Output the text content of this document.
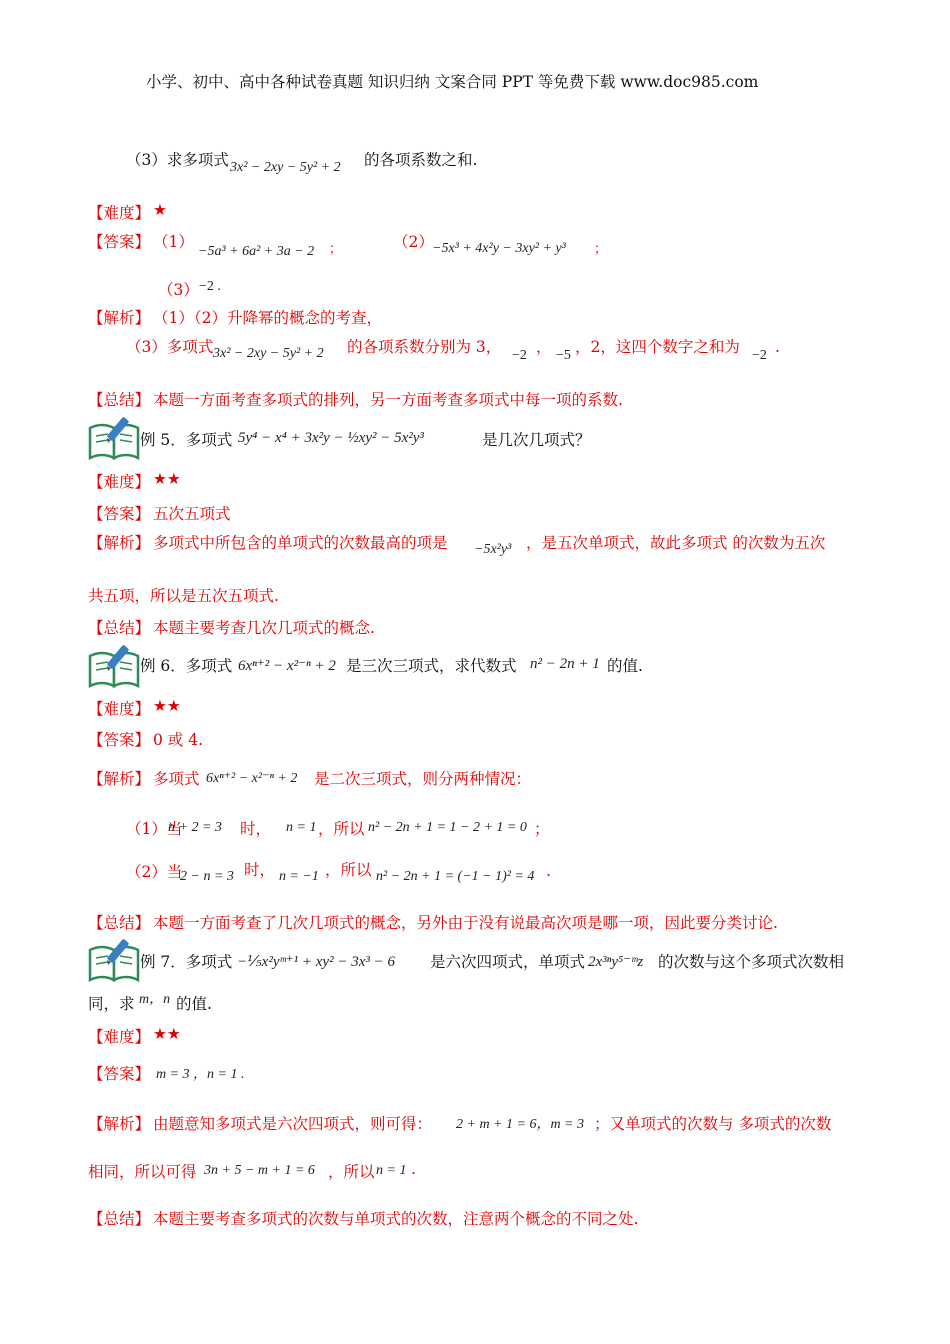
小学、初中、高中各种试卷真题 知识归纳 文案合同 PPT 等免费下载 www.doc985.com
（3）求多项式 3x² − 2xy − 5y² + 2 的各项系数之和.
【难度】 ★
【答案】 （1）
−5a³ + 6a² + 3a − 2 ；	（2）
−5x³ + 4x²y − 3xy² + y³ ；
（3） −2 .
【解析】 （1）（2）升降幂的概念的考查，
（3）多项式 3x² − 2xy − 5y² + 2 的各项系数分别为 3， −2 ， −5 ，2，这四个数字之和为 −2 .
【总结】 本题一方面考查多项式的排列，另一方面考查多项式中每一项的系数.
例 5．多项式 5y⁴ − x⁴ + 3x²y − ½xy² − 5x²y³	是几次几项式？
【难度】 ★★
【答案】 五次五项式
【解析】 多项式中所包含的单项式的次数最高的项是 −5x²y³ ，是五次单项式，故此多项式 的次数为五次
共五项，所以是五次五项式.
【总结】 本题主要考查几次几项式的概念.
例 6．多项式 6xⁿ⁺² − x²⁻ⁿ + 2 是三次三项式，求代数式 n² − 2n + 1 的值.
【难度】 ★★
【答案】 0 或 4.
【解析】 多项式 6xⁿ⁺² − x²⁻ⁿ + 2 是二次三项式，则分两种情况：
（1）当
n + 2 = 3 时， n = 1 ，所以 n² − 2n + 1 = 1 − 2 + 1 = 0 ；
（2）当
2 − n = 3 时， n = −1 ，所以 n² − 2n + 1 = (−1 − 1)² = 4 .
【总结】 本题一方面考查了几次几项式的概念，另外由于没有说最高次项是哪一项，因此要分类讨论.
例 7．多项式 −⅕x²yᵐ⁺¹ + xy² − 3x³ − 6 是六次四项式，单项式 2x³ⁿy⁵⁻ᵐz 的次数与这个多项式次数相
同，求 m，n 的值.
【难度】 ★★
【答案】 m = 3 ，n = 1 .
【解析】 由题意知多项式是六次四项式，则可得： 2 + m + 1 = 6，m = 3 ；又单项式的次数与 多项式的次数
相同，所以可得 3n + 5 − m + 1 = 6 ，所以 n = 1 .
【总结】 本题主要考查多项式的次数与单项式的次数，注意两个概念的不同之处.
